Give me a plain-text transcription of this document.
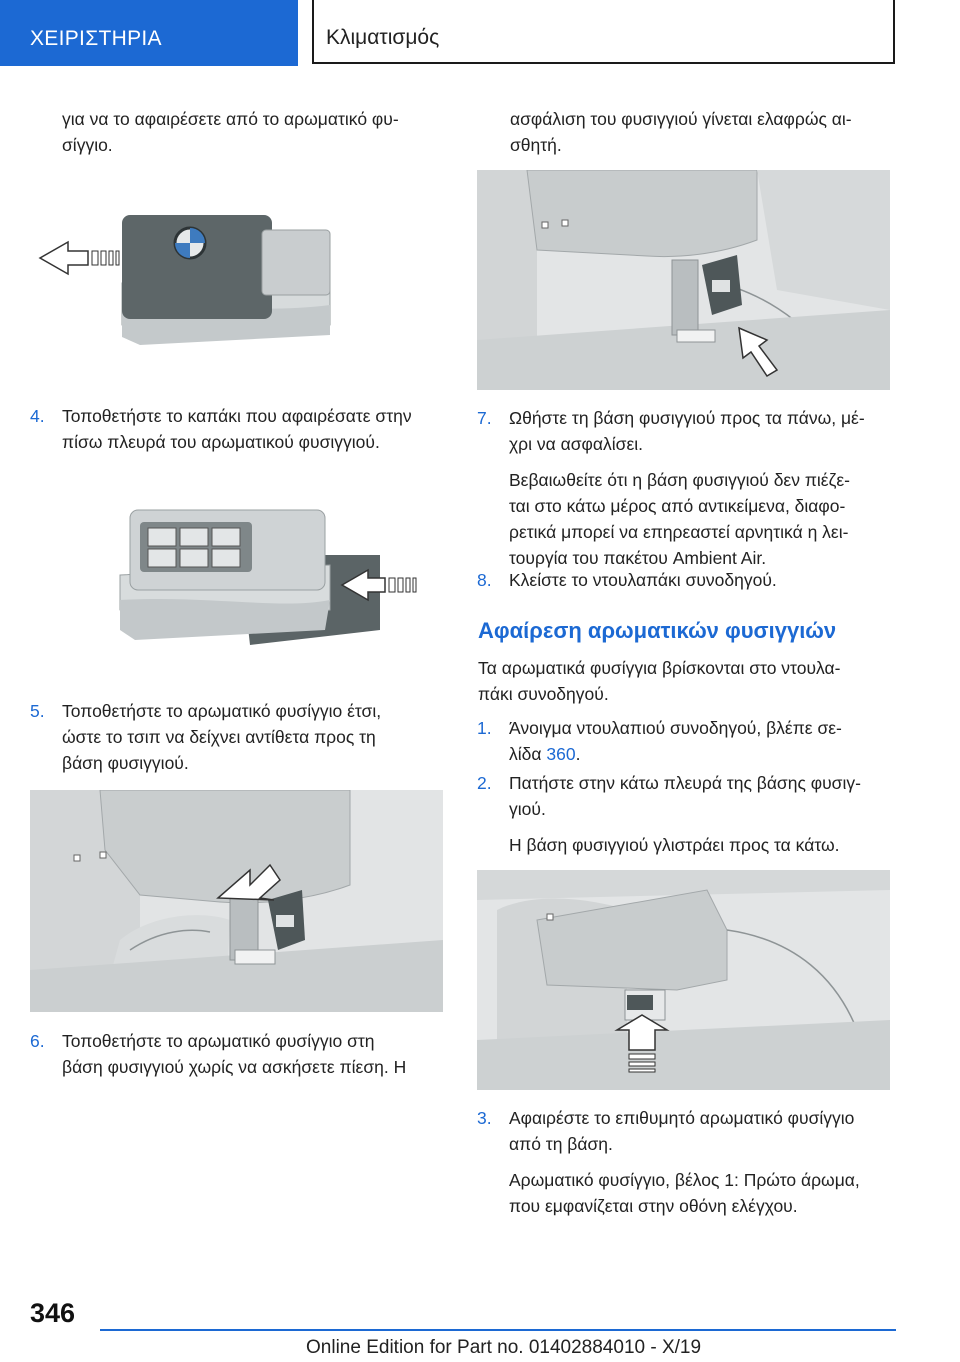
ΧΕΙΡΙΣΤΗΡΙΑ	Κλιματισμός

για να το αφαιρέσετε από το αρωματικό φυ-
σίγγιο.

4. Τοποθετήστε το καπάκι που αφαιρέσατε στην
πίσω πλευρά του αρωματικού φυσιγγιού.
5. Τοποθετήστε το αρωματικό φυσίγγιο έτσι,
ώστε το τσιπ να δείχνει αντίθετα προς τη
βάση φυσιγγιού.
6. Τοποθετήστε το αρωματικό φυσίγγιο στη
βάση φυσιγγιού χωρίς να ασκήσετε πίεση. Η
ασφάλιση του φυσιγγιού γίνεται ελαφρώς αι-
σθητή.
7. Ωθήστε τη βάση φυσιγγιού προς τα πάνω, μέ-
χρι να ασφαλίσει.
Βεβαιωθείτε ότι η βάση φυσιγγιού δεν πιέζε-
ται στο κάτω μέρος από αντικείμενα, διαφο-
ρετικά μπορεί να επηρεαστεί αρνητικά η λει-
τουργία του πακέτου Ambient Air.
8. Κλείστε το ντουλαπάκι συνοδηγού.
Αφαίρεση αρωματικών φυσιγγιών
Τα αρωματικά φυσίγγια βρίσκονται στο ντουλα-
πάκι συνοδηγού.
1. Άνοιγμα ντουλαπιού συνοδηγού, βλέπε σε-
λίδα 360.
2. Πατήστε στην κάτω πλευρά της βάσης φυσιγ-
γιού.
Η βάση φυσιγγιού γλιστράει προς τα κάτω.
3. Αφαιρέστε το επιθυμητό αρωματικό φυσίγγιο
από τη βάση.
Αρωματικό φυσίγγιο, βέλος 1: Πρώτο άρωμα,
που εμφανίζεται στην οθόνη ελέγχου.
346
Online Edition for Part no. 01402884010 - X/19
